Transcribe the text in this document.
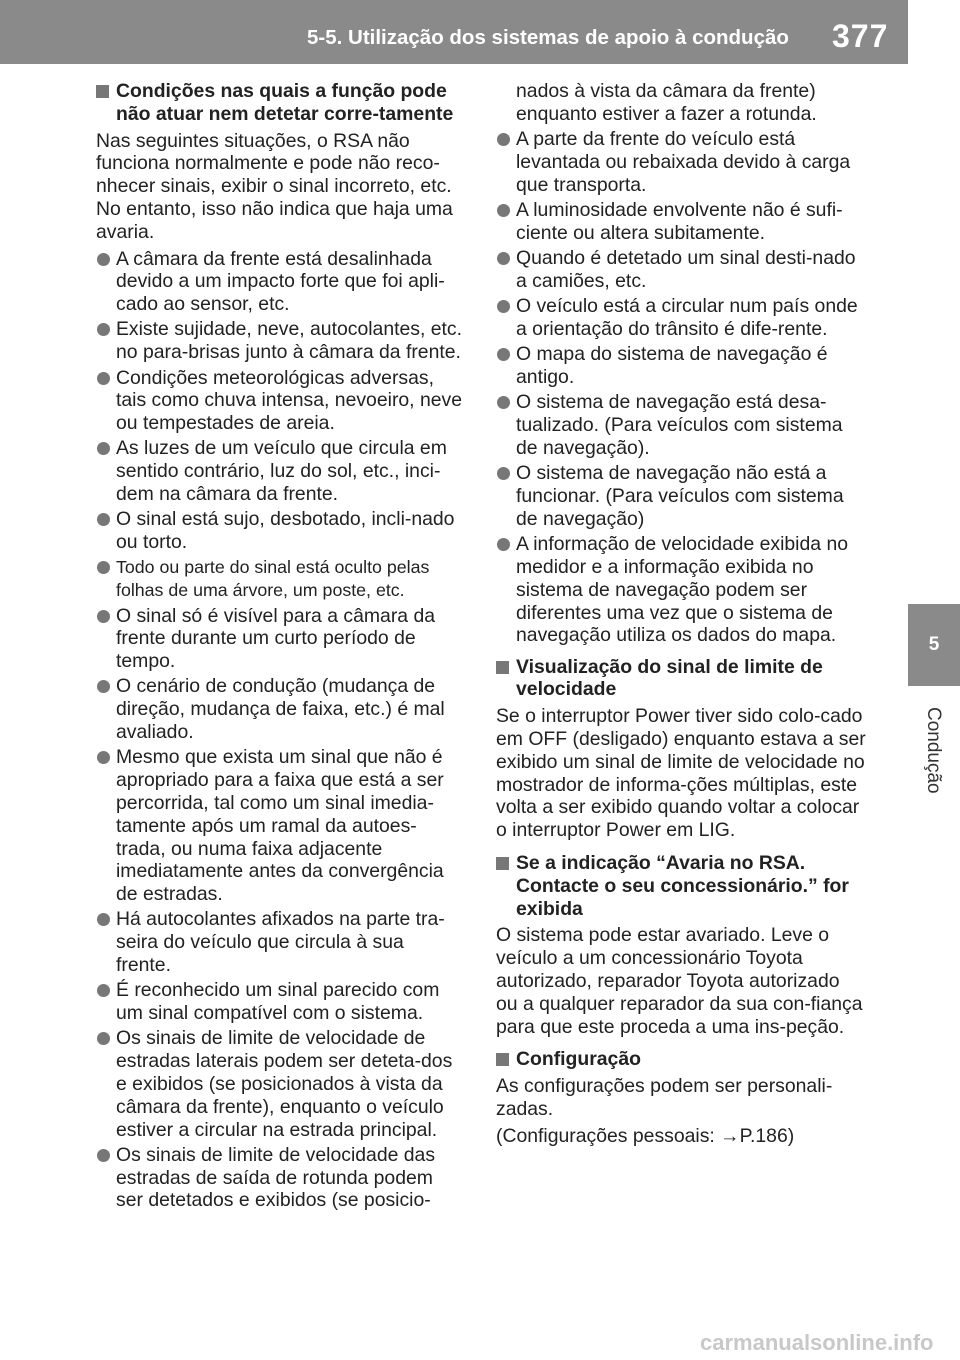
5-5. Utilização dos sistemas de apoio à condução 377
5
Condução
Condições nas quais a função pode não atuar nem detetar corre-tamente
Nas seguintes situações, o RSA não funciona normalmente e pode não reco-nhecer sinais, exibir o sinal incorreto, etc. No entanto, isso não indica que haja uma avaria.
A câmara da frente está desalinhada devido a um impacto forte que foi apli-cado ao sensor, etc.
Existe sujidade, neve, autocolantes, etc. no para-brisas junto à câmara da frente.
Condições meteorológicas adversas, tais como chuva intensa, nevoeiro, neve ou tempestades de areia.
As luzes de um veículo que circula em sentido contrário, luz do sol, etc., inci-dem na câmara da frente.
O sinal está sujo, desbotado, incli-nado ou torto.
Todo ou parte do sinal está oculto pelas folhas de uma árvore, um poste, etc.
O sinal só é visível para a câmara da frente durante um curto período de tempo.
O cenário de condução (mudança de direção, mudança de faixa, etc.) é mal avaliado.
Mesmo que exista um sinal que não é apropriado para a faixa que está a ser percorrida, tal como um sinal imedia-tamente após um ramal da autoes-trada, ou numa faixa adjacente imediatamente antes da convergência de estradas.
Há autocolantes afixados na parte tra-seira do veículo que circula à sua frente.
É reconhecido um sinal parecido com um sinal compatível com o sistema.
Os sinais de limite de velocidade de estradas laterais podem ser deteta-dos e exibidos (se posicionados à vista da câmara da frente), enquanto o veículo estiver a circular na estrada principal.
Os sinais de limite de velocidade das estradas de saída de rotunda podem ser detetados e exibidos (se posicio-
nados à vista da câmara da frente) enquanto estiver a fazer a rotunda.
A parte da frente do veículo está levantada ou rebaixada devido à carga que transporta.
A luminosidade envolvente não é sufi-ciente ou altera subitamente.
Quando é detetado um sinal desti-nado a camiões, etc.
O veículo está a circular num país onde a orientação do trânsito é dife-rente.
O mapa do sistema de navegação é antigo.
O sistema de navegação está desa-tualizado. (Para veículos com sistema de navegação).
O sistema de navegação não está a funcionar. (Para veículos com sistema de navegação)
A informação de velocidade exibida no medidor e a informação exibida no sistema de navegação podem ser diferentes uma vez que o sistema de navegação utiliza os dados do mapa.
Visualização do sinal de limite de velocidade
Se o interruptor Power tiver sido colo-cado em OFF (desligado) enquanto estava a ser exibido um sinal de limite de velocidade no mostrador de informa-ções múltiplas, este volta a ser exibido quando voltar a colocar o interruptor Power em LIG.
Se a indicação “Avaria no RSA. Contacte o seu concessionário.” for exibida
O sistema pode estar avariado. Leve o veículo a um concessionário Toyota autorizado, reparador Toyota autorizado ou a qualquer reparador da sua con-fiança para que este proceda a uma ins-peção.
Configuração
As configurações podem ser personali-zadas.
(Configurações pessoais: →P.186)
carmanualsonline.info
